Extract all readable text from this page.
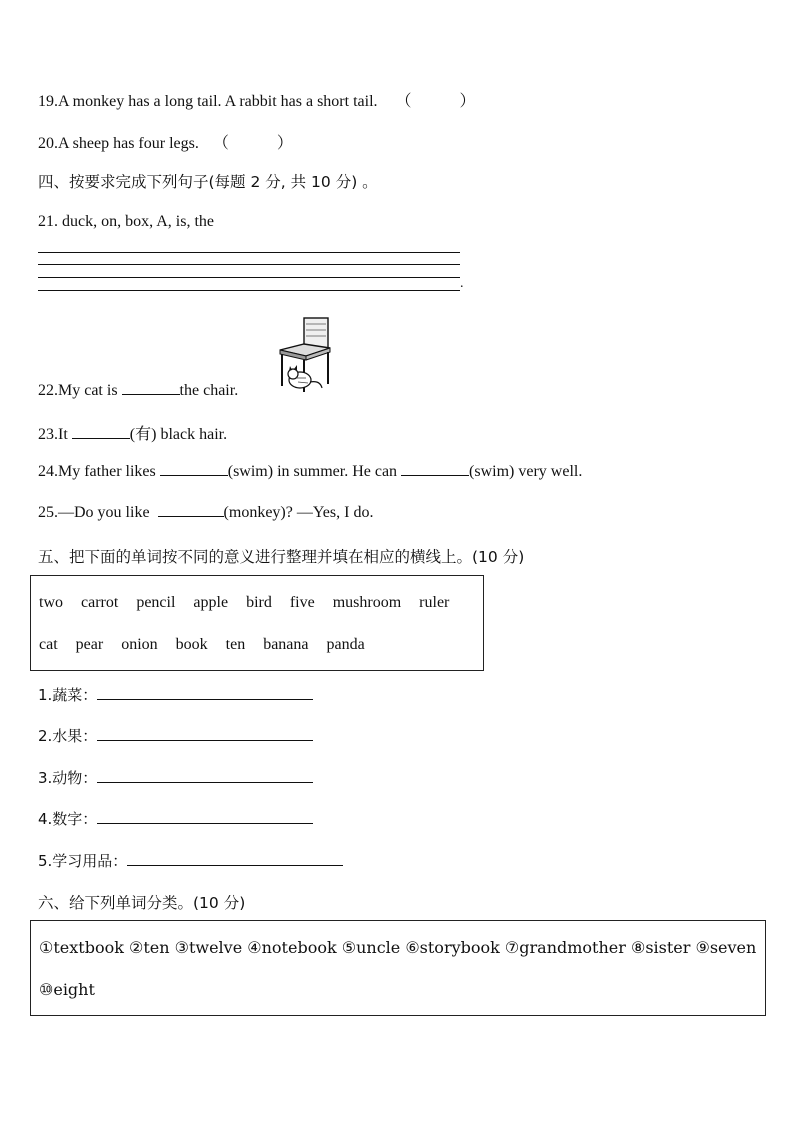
19.A monkey has a long tail. A rabbit has a short tail. （	）
20.A sheep has four legs. （	）
四、按要求完成下列句子(每题 2 分, 共 10 分) 。
21. duck, on, box, A, is, the
.
22.My cat is	the chair.
23.It	(有) black hair.
24.My father likes	(swim) in summer. He can	(swim) very well.
25.—Do you like	(monkey)? —Yes, I do.
五、把下面的单词按不同的意义进行整理并填在相应的横线上。(10 分)
two carrot pencil apple bird five mushroom ruler
cat pear onion book ten banana panda
1.蔬菜：
2.水果：
3.动物：
4.数字：
5.学习用品：
六、给下列单词分类。(10 分)
①textbook ②ten ③twelve ④notebook ⑤uncle ⑥storybook ⑦grandmother ⑧sister ⑨seven
⑩eight
